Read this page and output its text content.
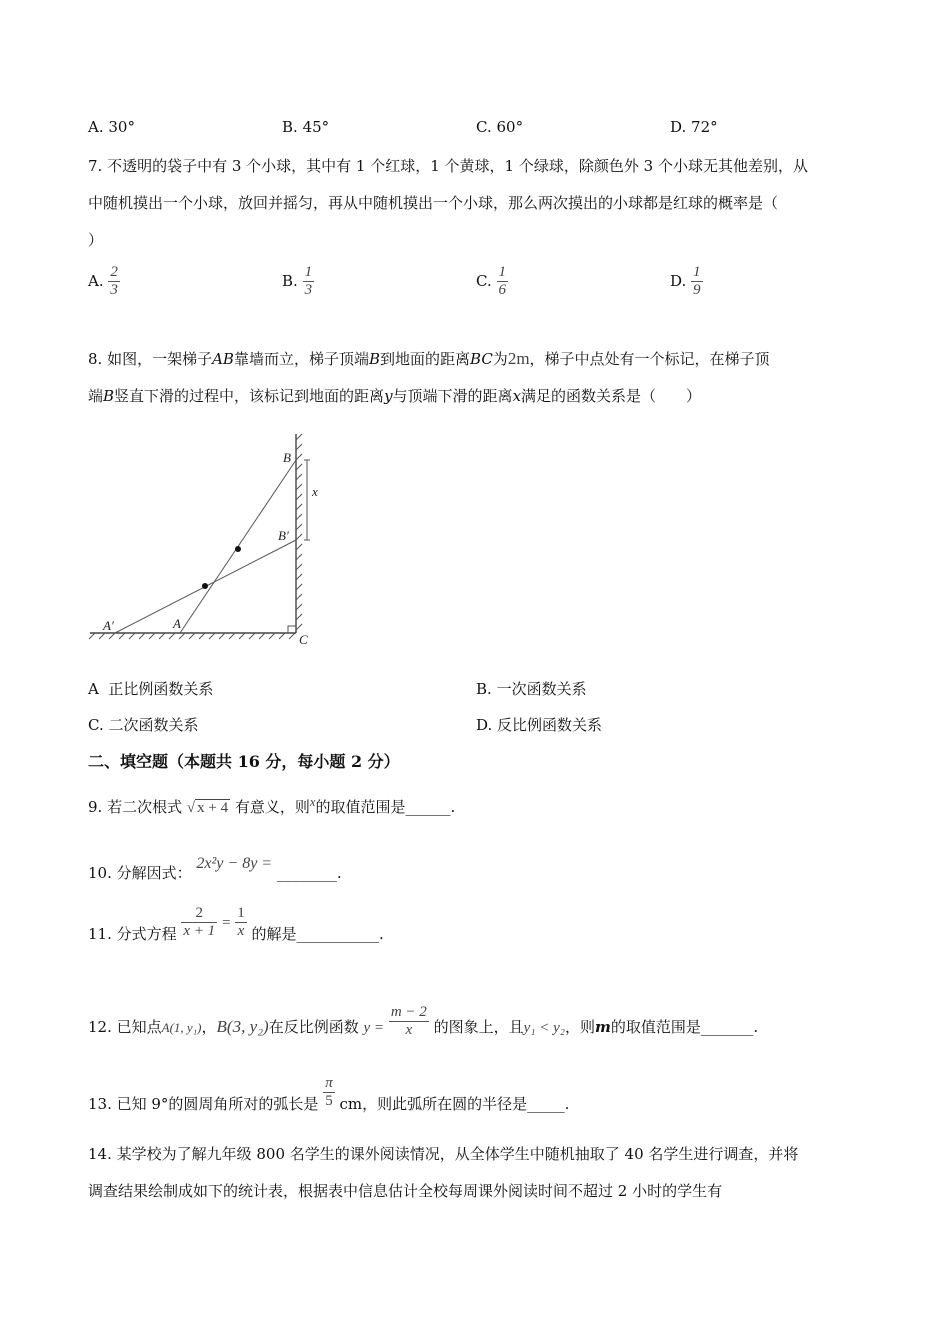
A. 30°	B. 45°	C. 60°	D. 72°
7. 不透明的袋子中有 3 个小球，其中有 1 个红球，1 个黄球，1 个绿球，除颜色外 3 个小球无其他差别，从
中随机摸出一个小球，放回并摇匀，再从中随机摸出一个小球，那么两次摸出的小球都是红球的概率是（
）
A. $\frac{2}{3}$	B. $\frac{1}{3}$	C. $\frac{1}{6}$	D. $\frac{1}{9}$
8. 如图，一架梯子AB靠墙而立，梯子顶端B到地面的距离BC为2m，梯子中点处有一个标记，在梯子顶
端B竖直下滑的过程中，该标记到地面的距离y与顶端下滑的距离x满足的函数关系是（　　）
B
B′
x
A′	A
C
A 正比例函数关系	B. 一次函数关系
C. 二次函数关系	D. 反比例函数关系
二、填空题（本题共 16 分，每小题 2 分）
9. 若二次根式 √ x + 4 有意义，则$^x$的取值范围是______.
10. 分解因式： 2x²y − 8y = ________.
11. 分式方程 $\frac{2}{x + 1} = \frac{1}{x}$ 的解是___________.
12. 已知点A(1, y₁)，B(3, y₂)在反比例函数 $y = \frac{m - 2}{x}$ 的图象上，且y₁ < y₂，则m的取值范围是_______.
13. 已知 9°的圆周角所对的弧长是 $\frac{\pi}{5}$ cm，则此弧所在圆的半径是_____.
14. 某学校为了解九年级 800 名学生的课外阅读情况，从全体学生中随机抽取了 40 名学生进行调查，并将
调查结果绘制成如下的统计表，根据表中信息估计全校每周课外阅读时间不超过 2 小时的学生有
